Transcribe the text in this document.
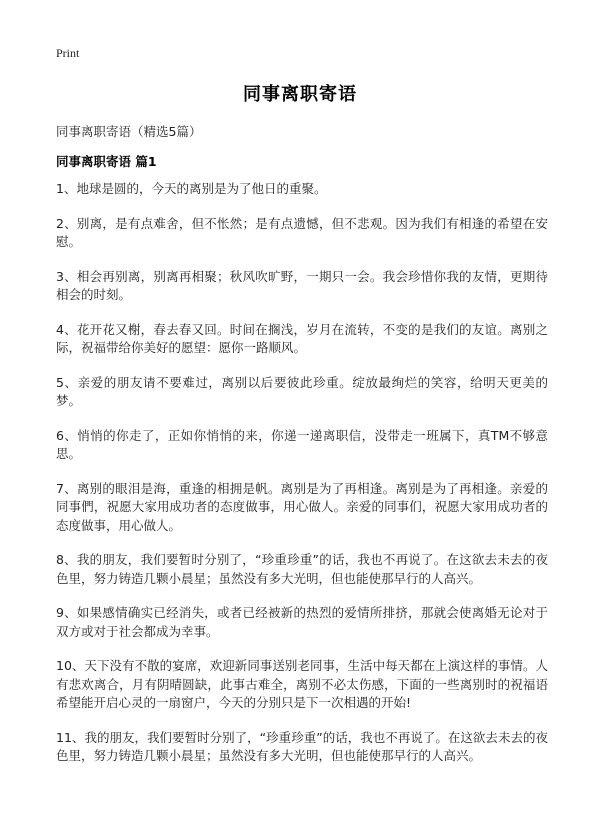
Print
同事离职寄语
同事离职寄语（精选5篇）
同事离职寄语 篇1

1、地球是圆的，今天的离别是为了他日的重聚。

2、别离，是有点难舍，但不怅然；是有点遗憾，但不悲观。因为我们有相逢的希望在安慰。

3、相会再别离，别离再相聚；秋风吹旷野，一期只一会。我会珍惜你我的友情，更期待相会的时刻。

4、花开花又榭，春去春又回。时间在搁浅，岁月在流转，不变的是我们的友谊。离别之际，祝福带给你美好的愿望：愿你一路顺风。

5、亲爱的朋友请不要难过，离别以后要彼此珍重。绽放最绚烂的笑容，给明天更美的梦。

6、悄悄的你走了，正如你悄悄的来，你递一递离职信，没带走一班属下，真TM不够意思。

7、离别的眼泪是海，重逢的相拥是帆。离别是为了再相逢。离别是为了再相逢。亲爱的同事們，祝愿大家用成功者的态度做事，用心做人。亲爱的同事们，祝愿大家用成功者的态度做事，用心做人。

8、我的朋友，我们要暂时分别了，“珍重珍重”的话，我也不再说了。在这欲去未去的夜色里，努力铸造几颗小晨星；虽然没有多大光明，但也能使那早行的人高兴。

9、如果感情确实已经消失，或者已经被新的热烈的爱情所排挤，那就会使离婚无论对于双方或对于社会都成为幸事。

10、天下没有不散的宴席，欢迎新同事送别老同事，生活中每天都在上演这样的事情。人有悲欢离合，月有阴晴圆缺，此事古难全，离别不必太伤感，下面的一些离别时的祝福语希望能开启心灵的一扇窗户，今天的分别只是下一次相遇的开始!

11、我的朋友，我们要暂时分别了，“珍重珍重”的话，我也不再说了。在这欲去未去的夜色里，努力铸造几颗小晨星；虽然没有多大光明，但也能使那早行的人高兴。
